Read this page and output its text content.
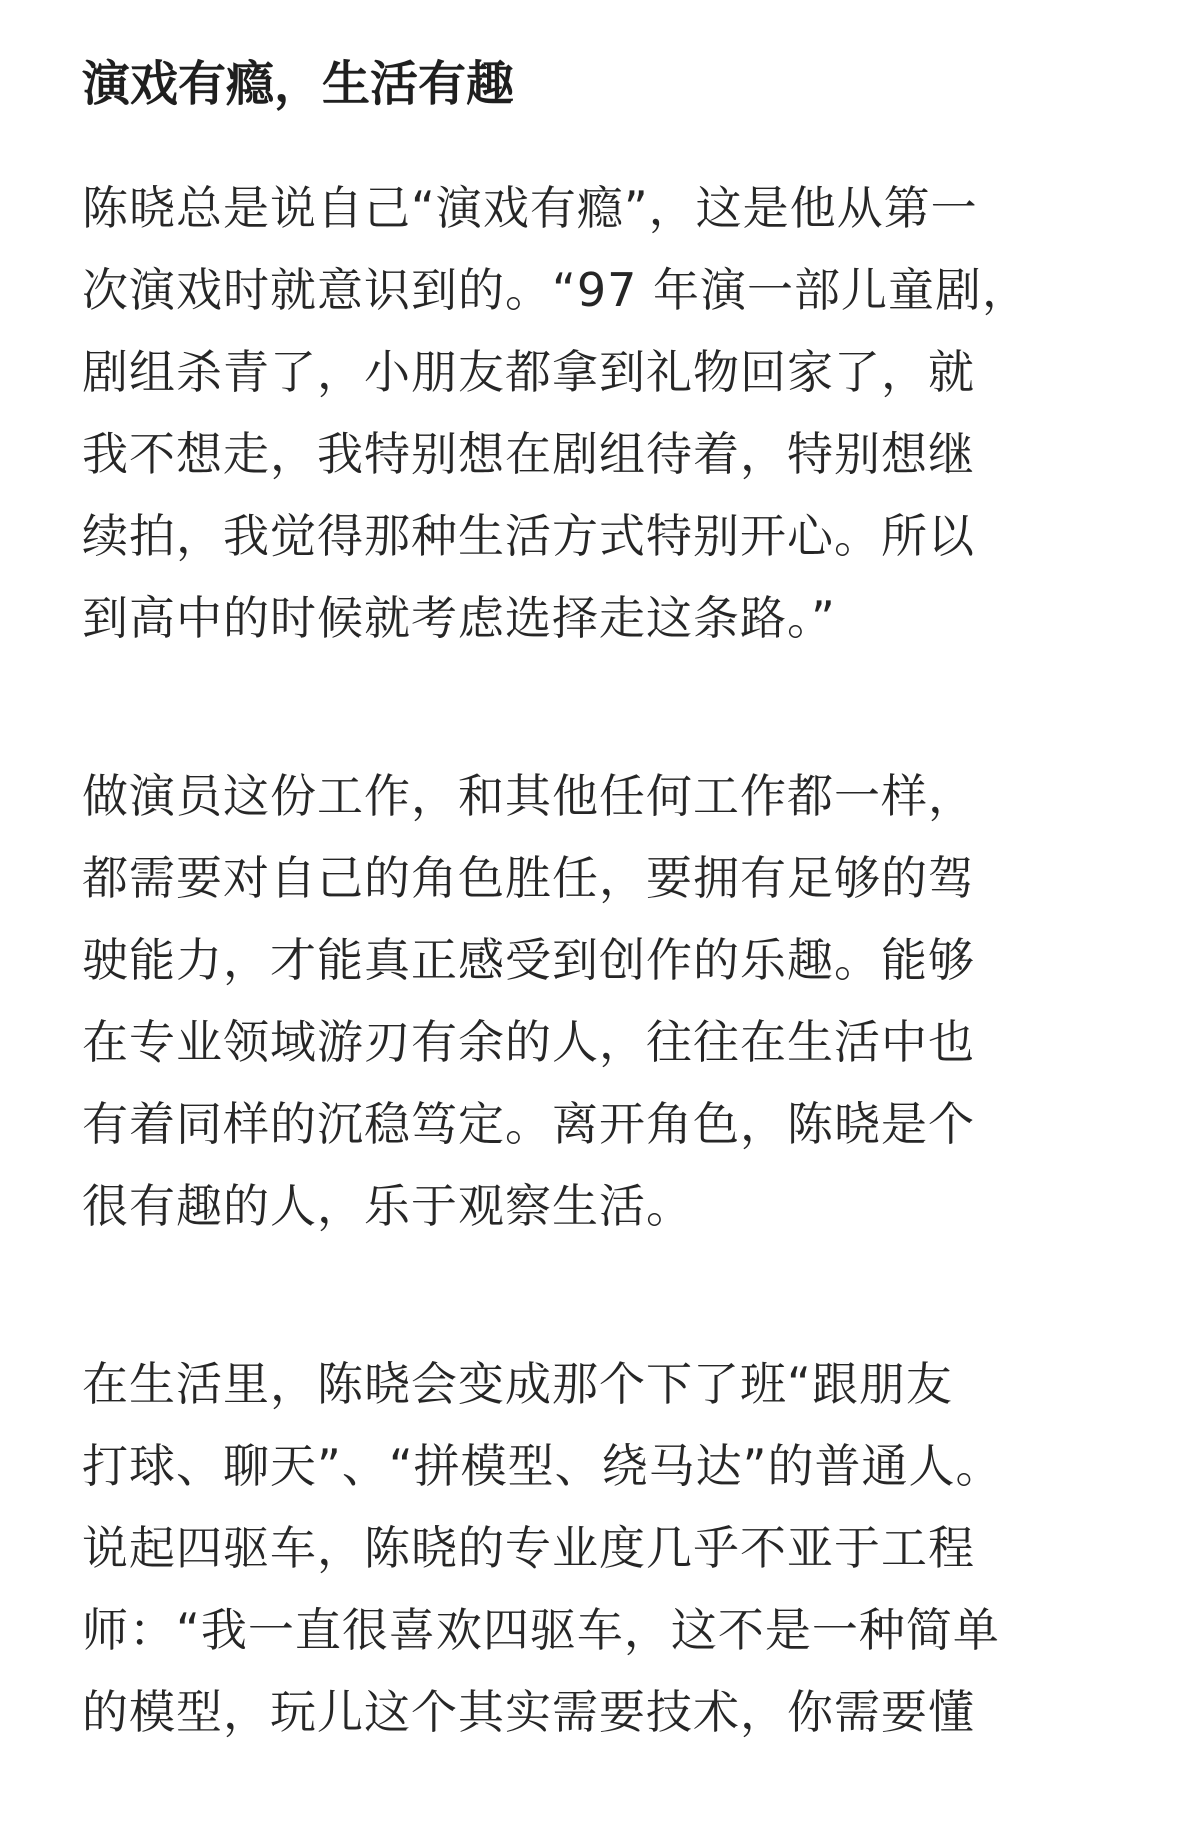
演戏有瘾，生活有趣

陈晓总是说自己“演戏有瘾”，这是他从第一

次演戏时就意识到的。“97 年演一部儿童剧，

剧组杀青了，小朋友都拿到礼物回家了，就

我不想走，我特别想在剧组待着，特别想继

续拍，我觉得那种生活方式特别开心。所以

到高中的时候就考虑选择走这条路。”

做演员这份工作，和其他任何工作都一样，

都需要对自己的角色胜任，要拥有足够的驾

驶能力，才能真正感受到创作的乐趣。能够

在专业领域游刃有余的人，往往在生活中也

有着同样的沉稳笃定。离开角色，陈晓是个

很有趣的人，乐于观察生活。

在生活里，陈晓会变成那个下了班“跟朋友

打球、聊天”、“拼模型、绕马达”的普通人。

说起四驱车，陈晓的专业度几乎不亚于工程

师：“我一直很喜欢四驱车，这不是一种简单

的模型，玩儿这个其实需要技术，你需要懂
